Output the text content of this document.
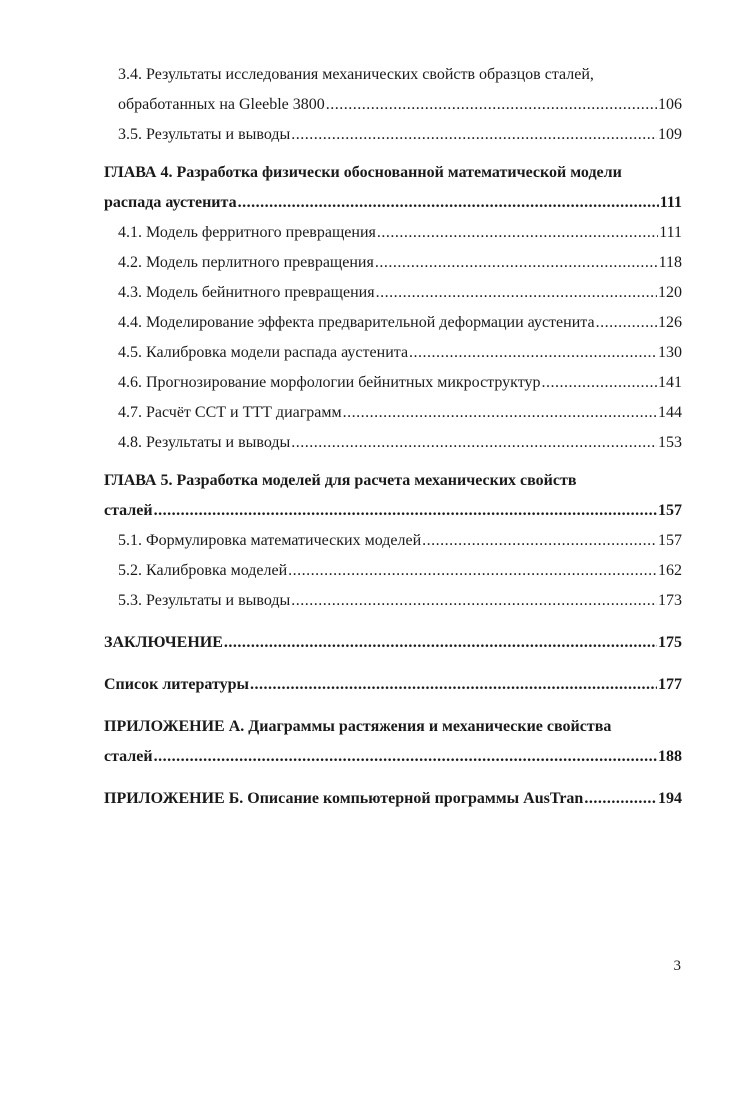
3.4. Результаты исследования механических свойств образцов сталей,
обработанных на Gleeble 3800 .....	106
3.5. Результаты и выводы .....	109
ГЛАВА 4. Разработка физически обоснованной математической модели
распада аустенита .....	111
4.1. Модель ферритного превращения .....	111
4.2. Модель перлитного превращения .....	118
4.3. Модель бейнитного превращения .....	120
4.4. Моделирование эффекта предварительной деформации аустенита .....	126
4.5. Калибровка модели распада аустенита .....	130
4.6. Прогнозирование морфологии бейнитных микроструктур .....	141
4.7. Расчёт ССТ и ТТТ диаграмм .....	144
4.8. Результаты и выводы .....	153
ГЛАВА 5. Разработка моделей для расчета механических свойств
сталей .....	157
5.1. Формулировка математических моделей .....	157
5.2. Калибровка моделей .....	162
5.3. Результаты и выводы .....	173
ЗАКЛЮЧЕНИЕ .....	175
Список литературы .....	177
ПРИЛОЖЕНИЕ А. Диаграммы растяжения и механические свойства
сталей .....	188
ПРИЛОЖЕНИЕ Б. Описание компьютерной программы AusTran .....	194
3
